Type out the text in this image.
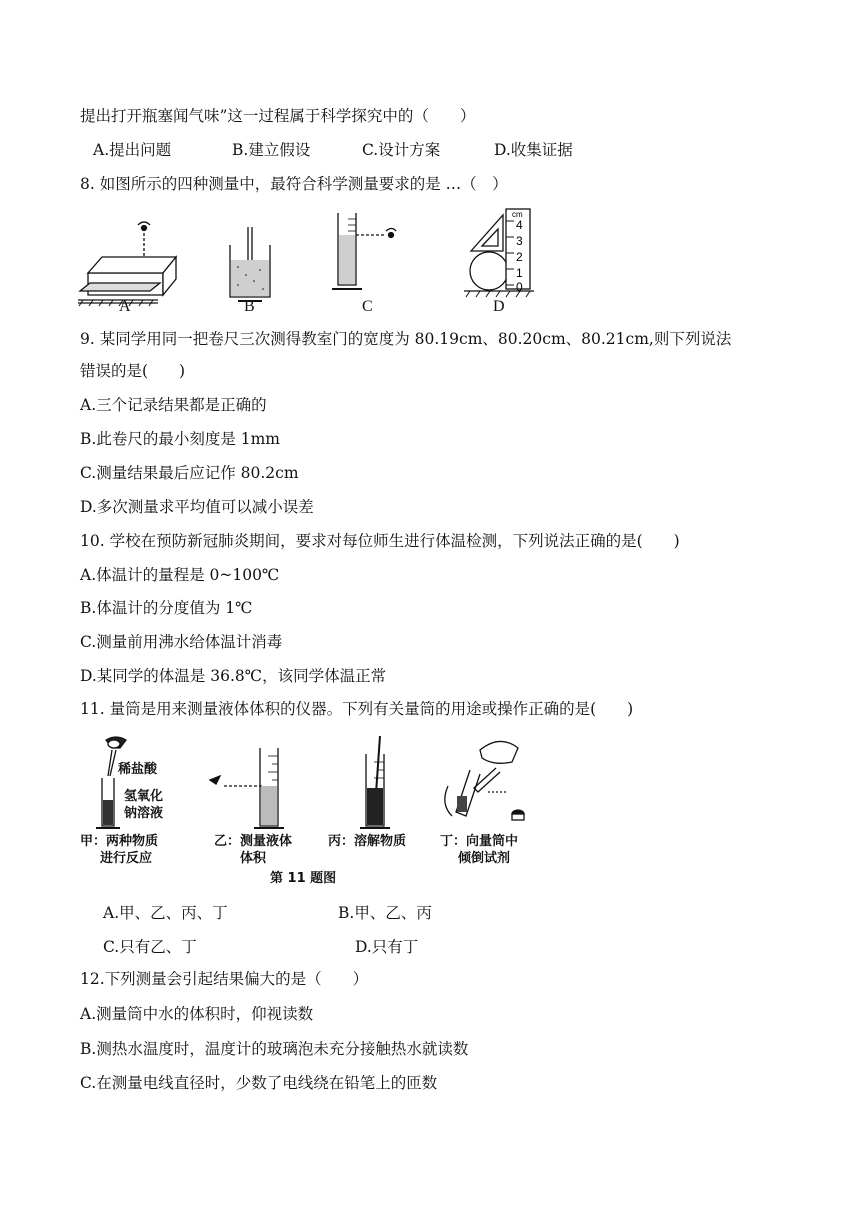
提出打开瓶塞闻气味”这一过程属于科学探究中的（　　）
A.提出问题	B.建立假设	C.设计方案	D.收集证据
8. 如图所示的四种测量中，最符合科学测量要求的是 …（　）
A	B	C
cm
4
3
2
1
0
D
9. 某同学用同一把卷尺三次测得教室门的宽度为 80.19cm、80.20cm、80.21cm,则下列说法
错误的是(　　)
A.三个记录结果都是正确的
B.此卷尺的最小刻度是 1mm
C.测量结果最后应记作 80.2cm
D.多次测量求平均值可以减小误差
10. 学校在预防新冠肺炎期间，要求对每位师生进行体温检测，下列说法正确的是(　　)
A.体温计的量程是 0~100℃
B.体温计的分度值为 1℃
C.测量前用沸水给体温计消毒
D.某同学的体温是 36.8℃，该同学体温正常
11. 量筒是用来测量液体体积的仪器。下列有关量筒的用途或操作正确的是(　　)
稀盐酸
氢氧化
钠溶液
甲：两种物质
进行反应
乙：测量液体
体积
丙：溶解物质	丁：向量筒中
倾倒试剂
第 11 题图
A.甲、乙、丙、丁	B.甲、乙、丙
C.只有乙、丁	D.只有丁
12.下列测量会引起结果偏大的是（　　）
A.测量筒中水的体积时，仰视读数
B.测热水温度时，温度计的玻璃泡未充分接触热水就读数
C.在测量电线直径时，少数了电线绕在铅笔上的匝数
